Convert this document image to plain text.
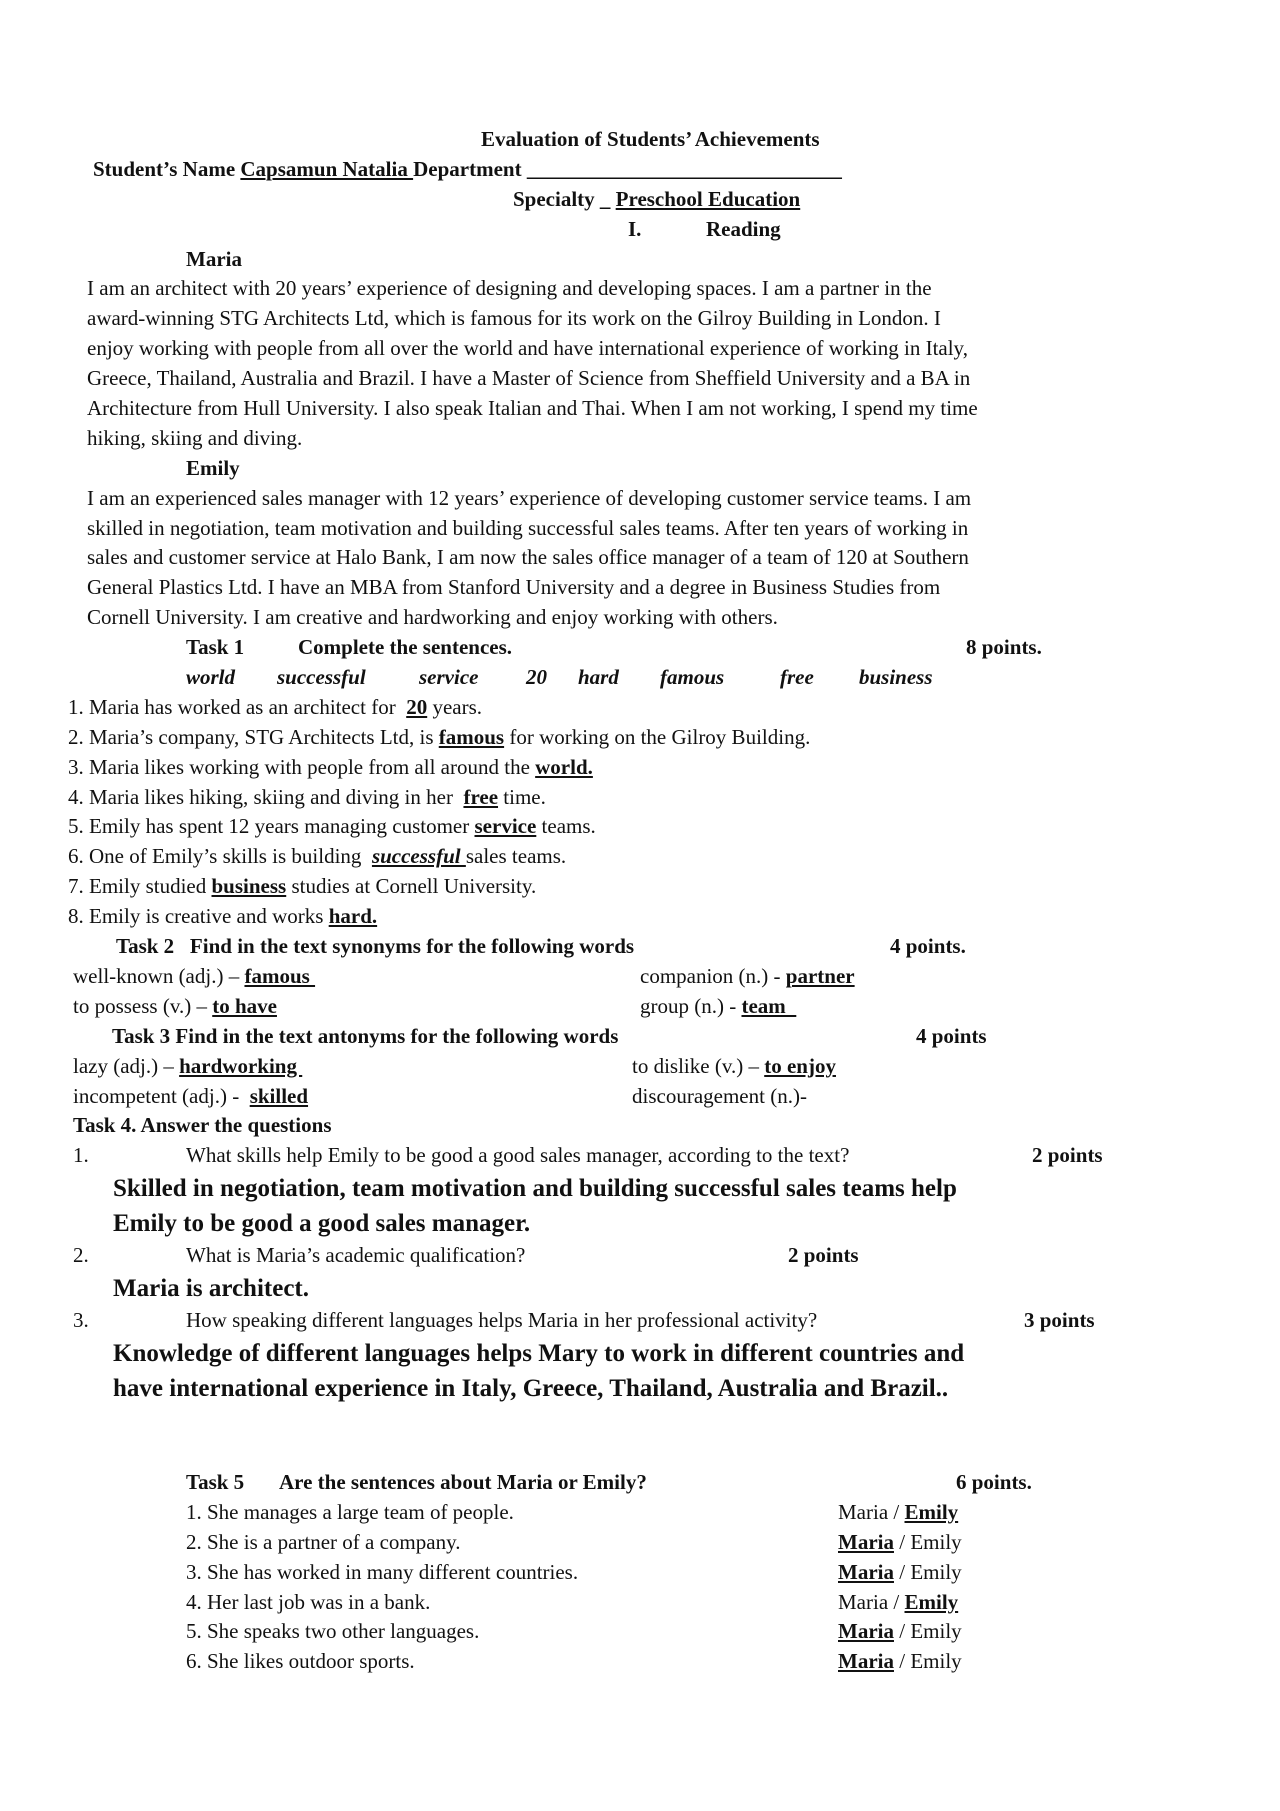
Evaluation of Students’ Achievements

Student’s Name Capsamun Natalia Department ______________________________

Specialty _ Preschool Education

I.

	Reading

Maria
I am an architect with 20 years’ experience of designing and developing spaces. I am a partner in the
award-winning STG Architects Ltd, which is famous for its work on the Gilroy Building in London. I
enjoy working with people from all over the world and have international experience of working in Italy,
Greece, Thailand, Australia and Brazil. I have a Master of Science from Sheffield University and a BA in
Architecture from Hull University. I also speak Italian and Thai. When I am not working, I spend my time
hiking, skiing and diving.
Emily
I am an experienced sales manager with 12 years’ experience of developing customer service teams. I am
skilled in negotiation, team motivation and building successful sales teams. After ten years of working in
sales and customer service at Halo Bank, I am now the sales office manager of a team of 120 at Southern
General Plastics Ltd. I have an MBA from Stanford University and a degree in Business Studies from
Cornell University. I am creative and hardworking and enjoy working with others.
Task 1	Complete the sentences.	8 points.
world successful	service 20 hard famous	free business
1. Maria has worked as an architect for  20 years.
2. Maria’s company, STG Architects Ltd, is famous for working on the Gilroy Building.
3. Maria likes working with people from all around the world.
4. Maria likes hiking, skiing and diving in her  free time.
5. Emily has spent 12 years managing customer service teams.
6. One of Emily’s skills is building  successful sales teams.
7. Emily studied business studies at Cornell University.
8. Emily is creative and works hard.
Task 2   Find in the text synonyms for the following words	4 points.
well-known (adj.) – famous	companion (n.) - partner
to possess (v.) – to have	group (n.) - team
Task 3 Find in the text antonyms for the following words	4 points
lazy (adj.) – hardworking	to dislike (v.) – to enjoy
incompetent (adj.) -  skilled	discouragement (n.)-
Task 4. Answer the questions
1.	What skills help Emily to be good a good sales manager, according to the text?	2 points
Skilled in negotiation, team motivation and building successful sales teams help
Emily to be good a good sales manager.
2.	What is Maria’s academic qualification?	2 points
Maria is architect.
3.	How speaking different languages helps Maria in her professional activity?	3 points
Knowledge of different languages helps Mary to work in different countries and
have international experience in Italy, Greece, Thailand, Australia and Brazil..
Task 5 Are the sentences about Maria or Emily?	6 points.
1. She manages a large team of people.	Maria / Emily
2. She is a partner of a company.	Maria / Emily
3. She has worked in many different countries.	Maria / Emily
4. Her last job was in a bank.	Maria / Emily
5. She speaks two other languages.	Maria / Emily
6. She likes outdoor sports.	Maria / Emily
